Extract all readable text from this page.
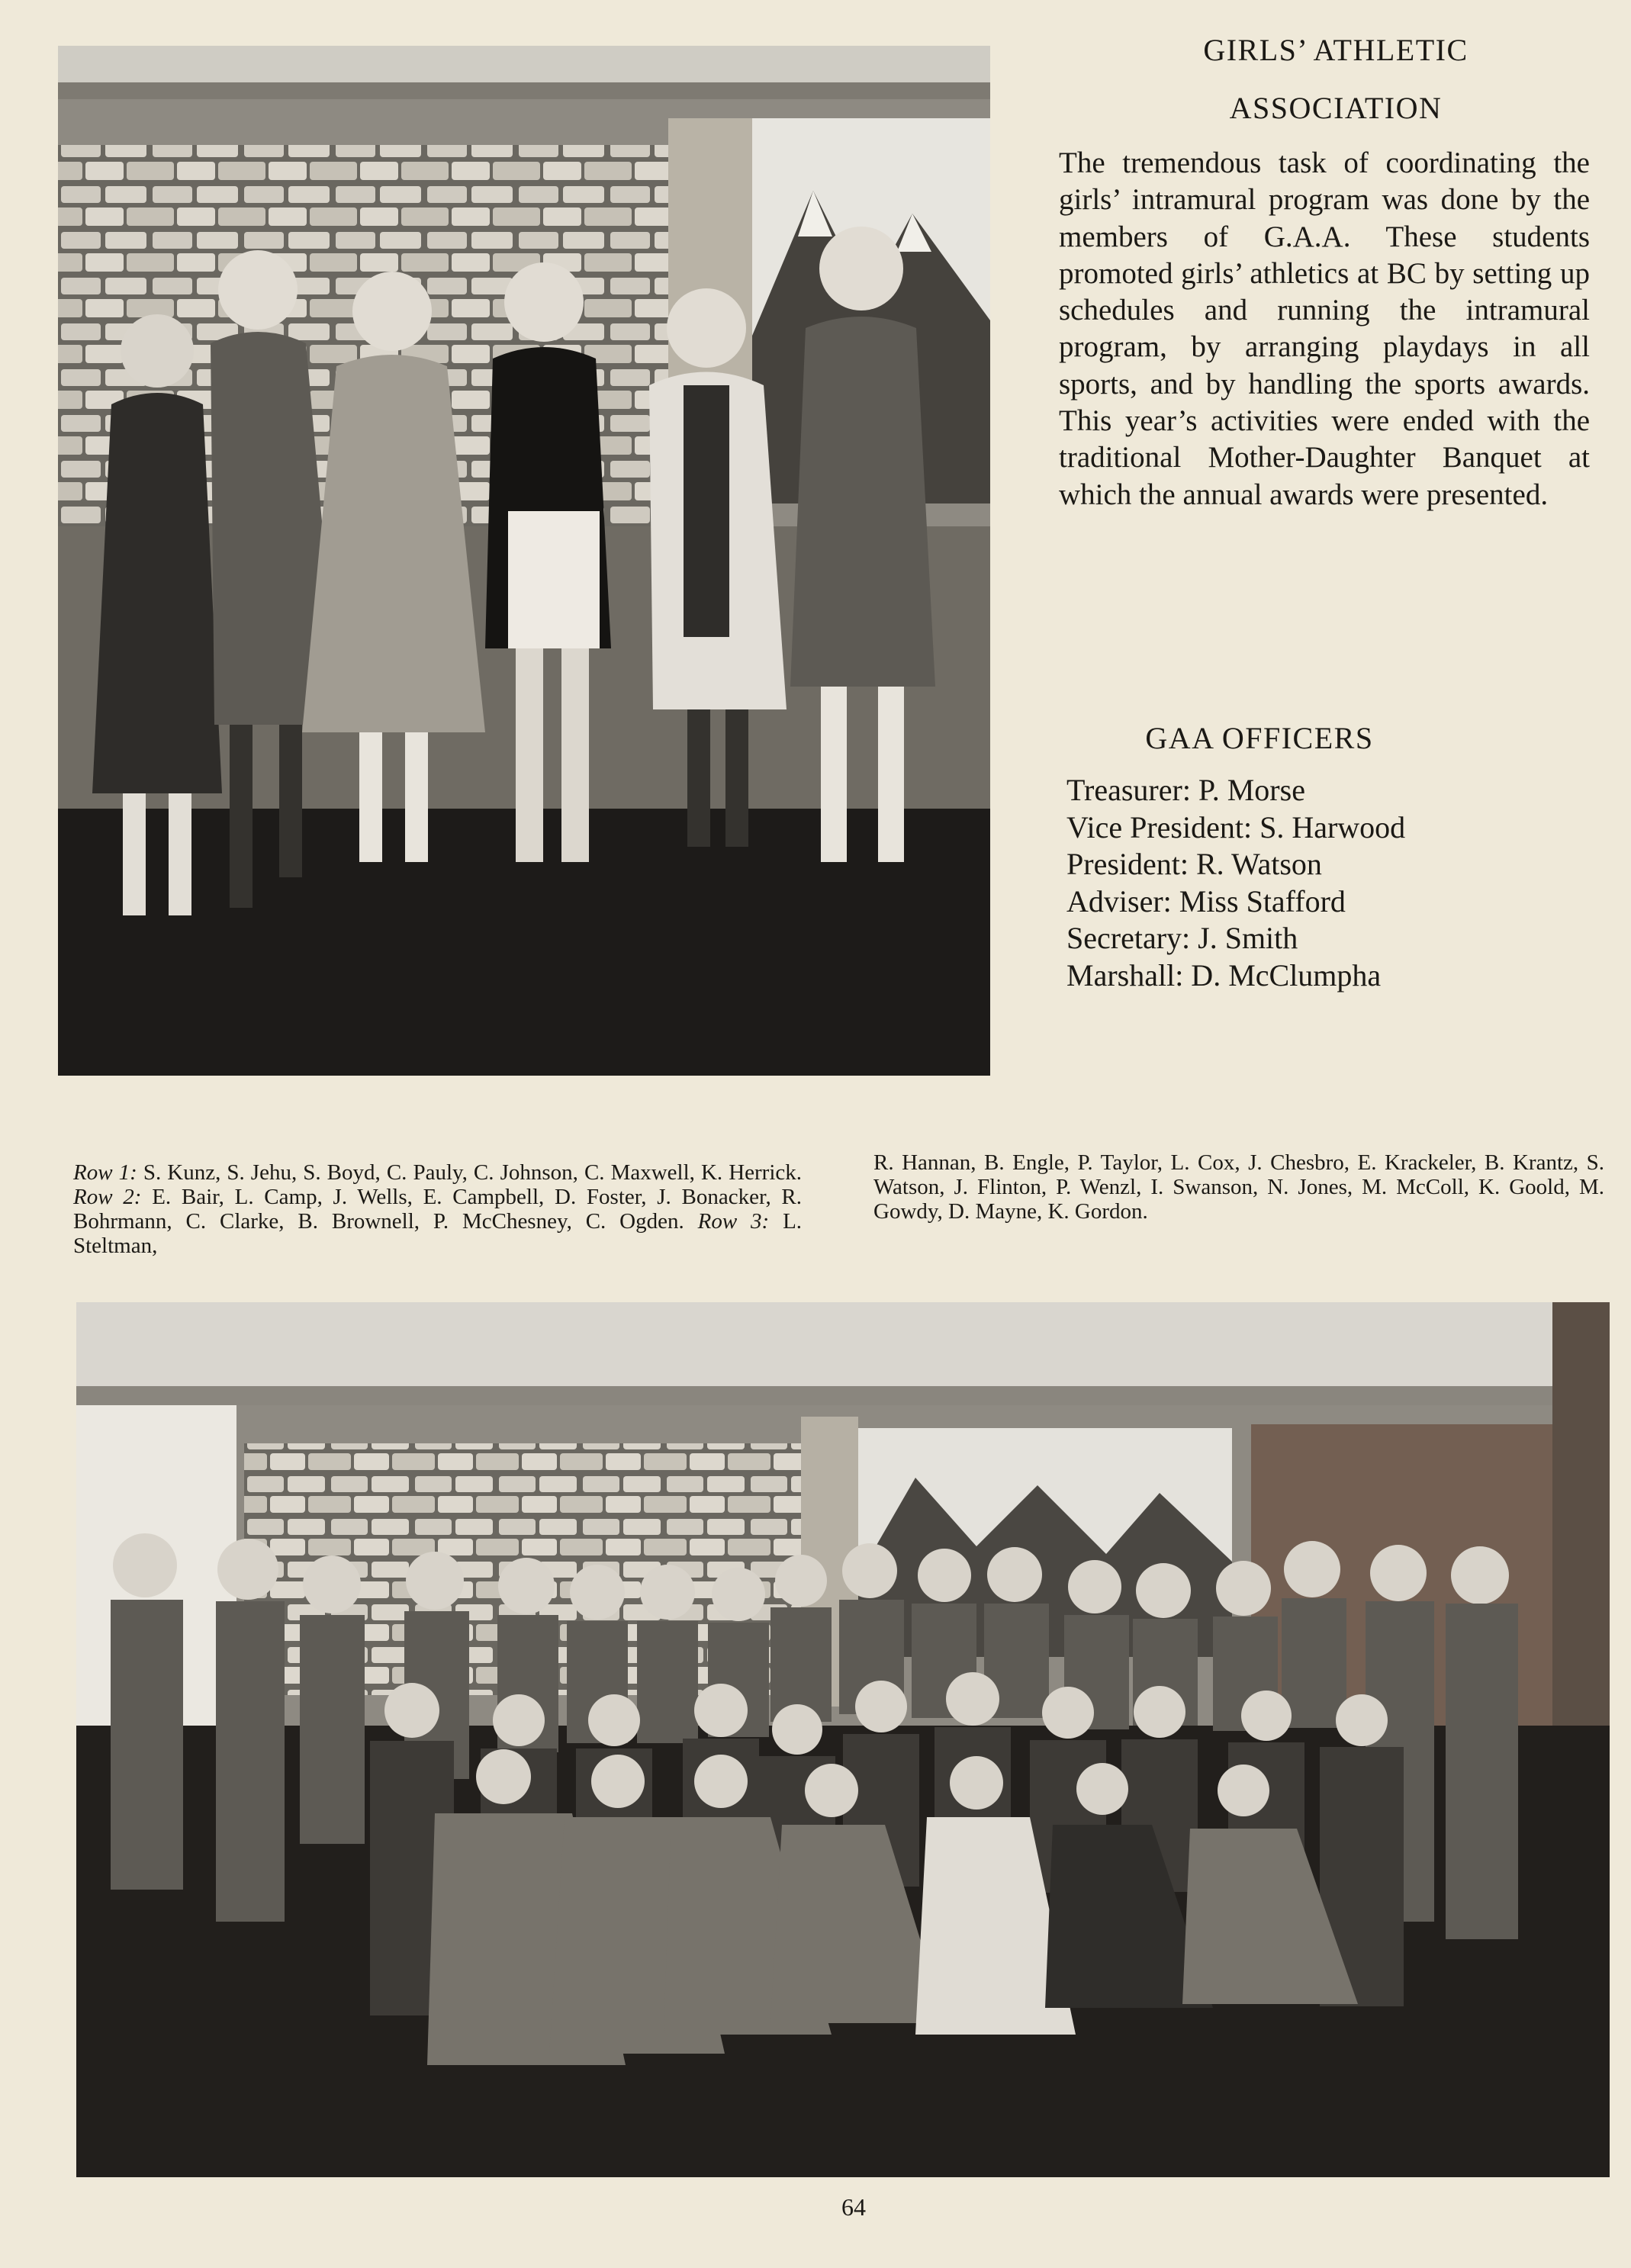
GIRLS’ ATHLETIC
ASSOCIATION

The tremendous task of coordinating the girls’ intramural program was done by the members of G.A.A. These students promoted girls’ athletics at BC by setting up schedules and running the intramural program, by arranging playdays in all sports, and by handling the sports awards. This year’s activities were ended with the traditional Mother-Daughter Banquet at which the annual awards were presented.

GAA OFFICERS
Treasurer: P. Morse
Vice President: S. Harwood
President: R. Watson
Adviser: Miss Stafford
Secretary: J. Smith
Marshall: D. McClumpha

Row 1: S. Kunz, S. Jehu, S. Boyd, C. Pauly, C. Johnson, C. Maxwell, K. Herrick. Row 2: E. Bair, L. Camp, J. Wells, E. Campbell, D. Foster, J. Bonacker, R. Bohrmann, C. Clarke, B. Brownell, P. McChesney, C. Ogden. Row 3: L. Steltman,

R. Hannan, B. Engle, P. Taylor, L. Cox, J. Chesbro, E. Krackeler, B. Krantz, S. Watson, J. Flinton, P. Wenzl, I. Swanson, N. Jones, M. McColl, K. Goold, M. Gowdy, D. Mayne, K. Gordon.

64
